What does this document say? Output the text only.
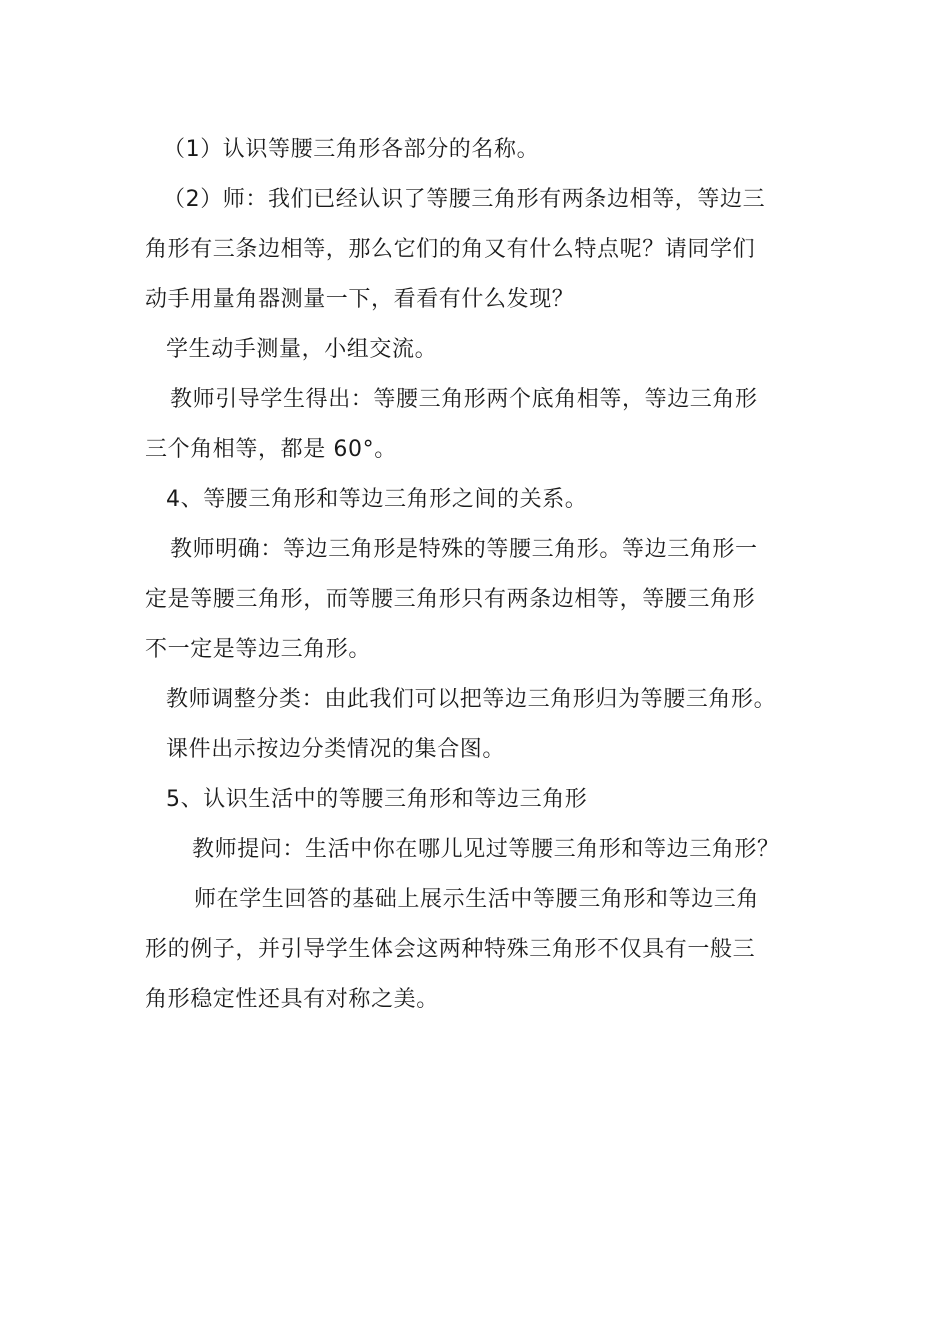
（1）认识等腰三角形各部分的名称。

（2）师：我们已经认识了等腰三角形有两条边相等，等边三

角形有三条边相等，那么它们的角又有什么特点呢？请同学们

动手用量角器测量一下，看看有什么发现？

学生动手测量，小组交流。

教师引导学生得出：等腰三角形两个底角相等，等边三角形

三个角相等，都是 60°。

4、等腰三角形和等边三角形之间的关系。

教师明确：等边三角形是特殊的等腰三角形。等边三角形一

定是等腰三角形，而等腰三角形只有两条边相等，等腰三角形

不一定是等边三角形。

教师调整分类：由此我们可以把等边三角形归为等腰三角形。

课件出示按边分类情况的集合图。

5、认识生活中的等腰三角形和等边三角形

教师提问：生活中你在哪儿见过等腰三角形和等边三角形？

师在学生回答的基础上展示生活中等腰三角形和等边三角

形的例子，并引导学生体会这两种特殊三角形不仅具有一般三

角形稳定性还具有对称之美。
